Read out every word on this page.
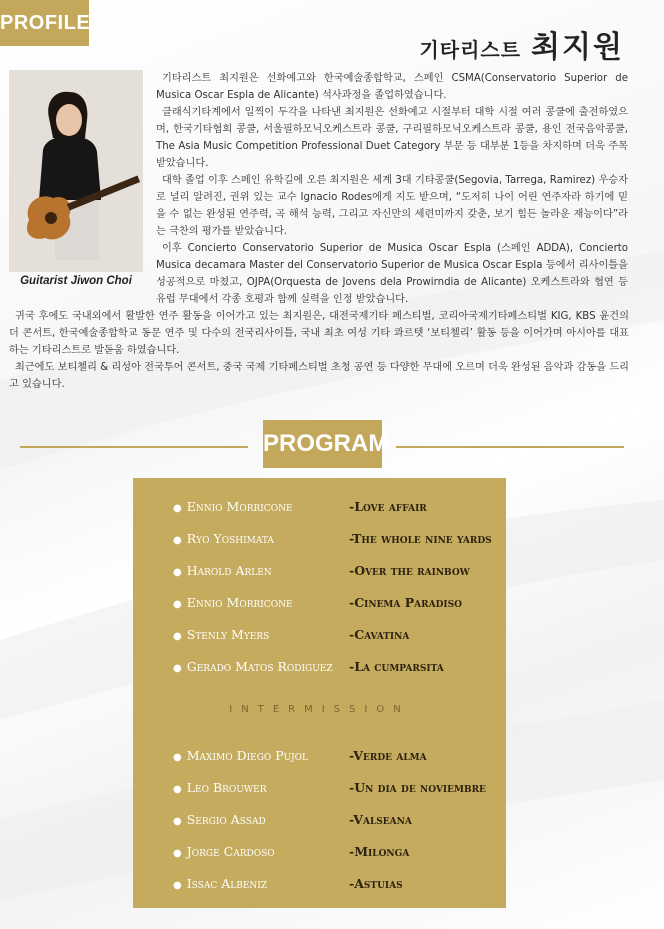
PROFILE
기타리스트 최지원
Guitarist Jiwon Choi

기타리스트 최지원은 선화예고와 한국예술종합학교, 스페인 CSMA(Conservatorio Superior de Musica Oscar Espla de Alicante) 석사과정을 졸업하였습니다.

클래식기타계에서 일찍이 두각을 나타낸 최지원은 선화예고 시절부터 대학 시절 여러 콩쿨에 출전하였으며, 한국기타협회 콩쿨, 서울필하모닉오케스트라 콩쿨, 구리필하모닉오케스트라 콩쿨, 용인 전국음악콩쿨, The Asia Music Competition Professional Duet Category 부문 등 대부분 1등을 차지하며 더욱 주목 받았습니다.

대학 졸업 이후 스페인 유학길에 오른 최지원은 세계 3대 기타콩쿨(Segovia, Tarrega, Ramirez) 우승자로 널리 알려진, 권위 있는 교수 Ignacio Rodes에게 지도 받으며, “도저히 나이 어린 연주자라 하기에 믿을 수 없는 완성된 연주력, 곡 해석 능력, 그리고 자신만의 세련미까지 갖춘, 보기 힘든 놀라운 재능이다”라는 극찬의 평가를 받았습니다.

이후 Concierto Conservatorio Superior de Musica Oscar Espla (스페인 ADDA), Concierto Musica decamara Master del Conservatorio Superior de Musica Oscar Espla 등에서 리사이틀을 성공적으로 마쳤고, OJPA(Orquesta de Jovens dela Prowirndia de Alicante) 오케스트라와 협연 등 유럽 무대에서 각종 호평과 함께 실력을 인정 받았습니다.

귀국 후에도 국내외에서 활발한 연주 활동을 이어가고 있는 최지원은, 대전국제기타 페스티벌, 코리아국제기타페스티벌 KIG, KBS 윤건의 더 콘서트, 한국예술종합학교 동문 연주 및 다수의 전국리사이틀, 국내 최초 여성 기타 콰르텟 ‘보티첼리’ 활동 등을 이어가며 아시아를 대표하는 기타리스트로 발돋움 하였습니다.

최근에도 보티첼리 & 리성아 전국투어 콘서트, 중국 국제 기타페스티벌 초청 공연 등 다양한 무대에 오르며 더욱 완성된 음악과 감동을 드리고 있습니다.

PROGRAM
● Ennio Morricone	-Love affair
● Ryo Yoshimata	-The whole nine yards
● Harold Arlen	-Over the rainbow
● Ennio Morricone	-Cinema Paradiso
● Stenly Myers	-Cavatina
● Gerado Matos Rodiguez -La cumparsita
INTERMISSION
● Maximo Diego Pujol	-Verde alma
● Leo Brouwer	-Un dia de noviembre
● Sergio Assad	-Valseana
● Jorge Cardoso	-Milonga
● Issac Albeniz	-Astuias
